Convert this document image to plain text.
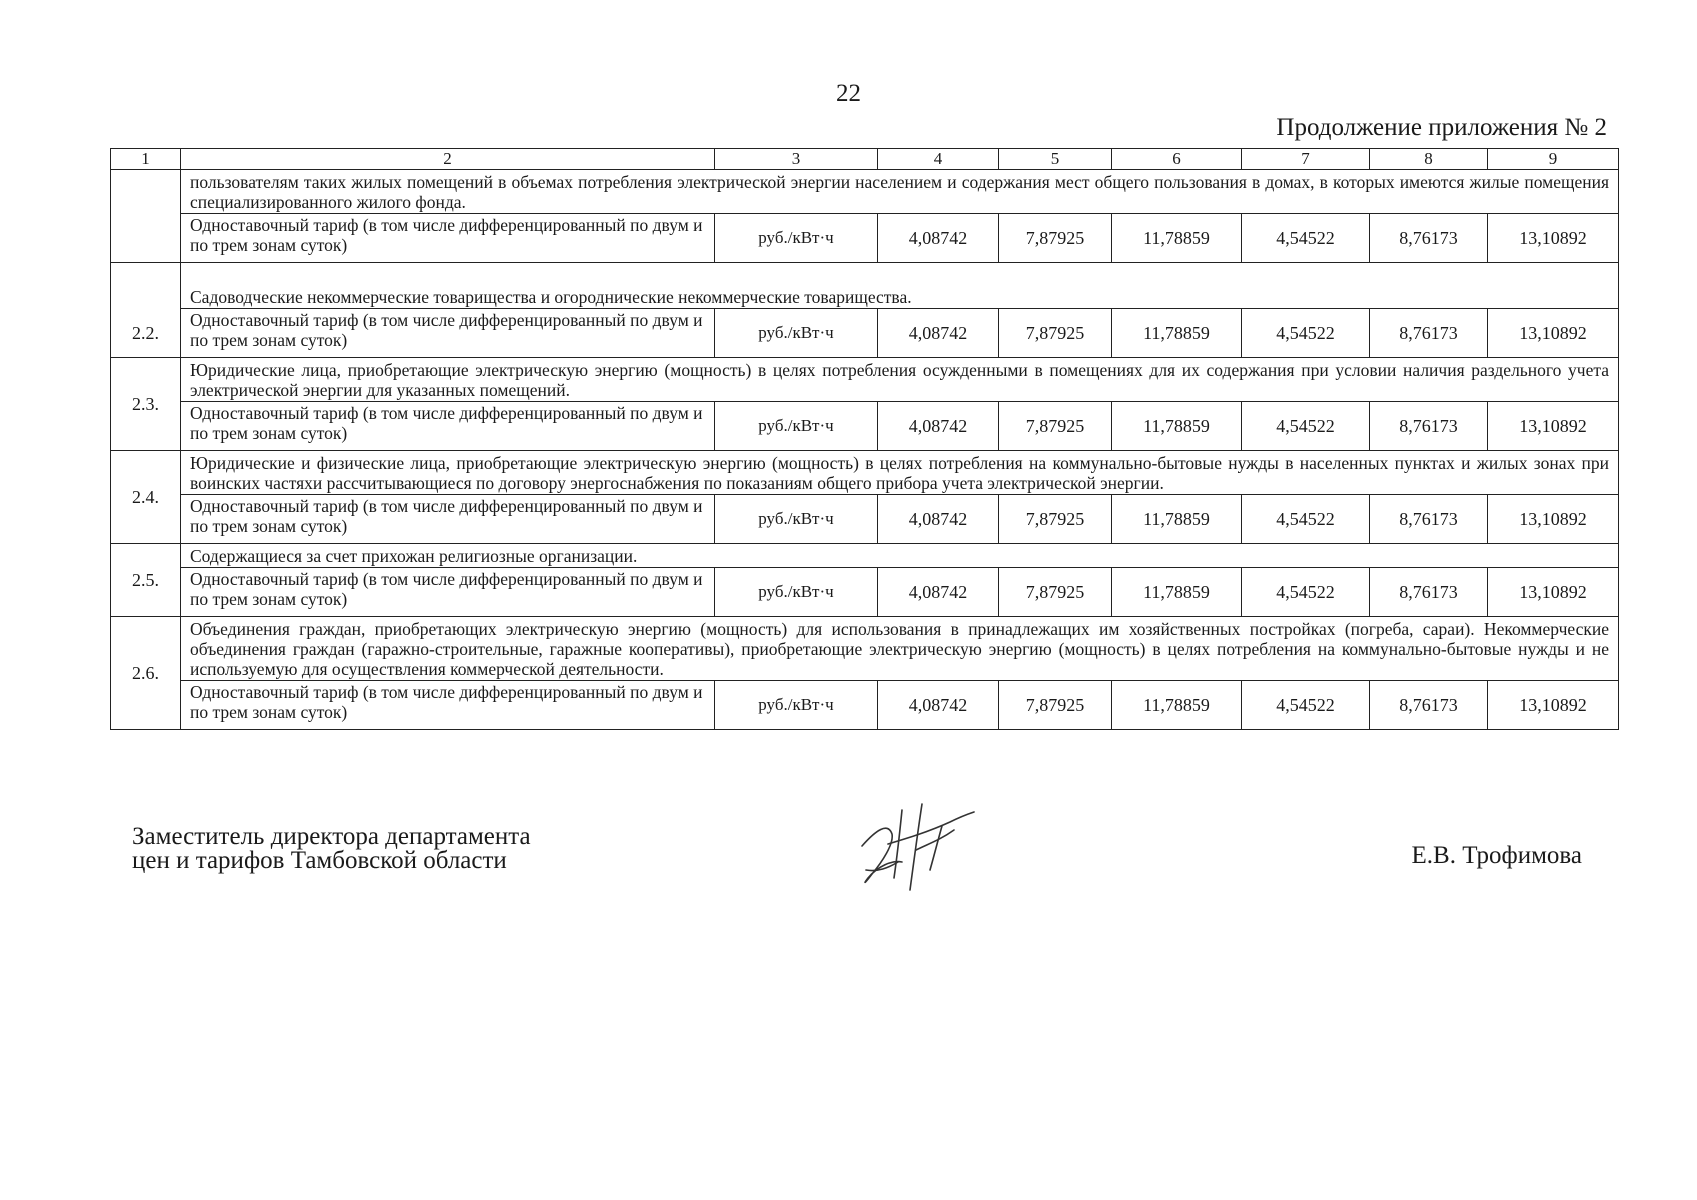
22
Продолжение приложения № 2
1	2	3	4	5	6	7	8	9
	пользователям таких жилых помещений в объемах потребления электрической энергии населением и содержания мест общего пользования в домах, в которых имеются жилые помещения специализированного жилого фонда.							
	Одноставочный тариф (в том числе дифференцированный по двум и по трем зонам суток)	руб./кВт·ч	4,08742	7,87925	11,78859	4,54522	8,76173	13,10892
2.2.	Садоводческие некоммерческие товарищества и огороднические некоммерческие товарищества.							
	Одноставочный тариф (в том числе дифференцированный по двум и по трем зонам суток)	руб./кВт·ч	4,08742	7,87925	11,78859	4,54522	8,76173	13,10892
2.3.	Юридические лица, приобретающие электрическую энергию (мощность) в целях потребления осужденными в помещениях для их содержания при условии наличия раздельного учета электрической энергии для указанных помещений.							
	Одноставочный тариф (в том числе дифференцированный по двум и по трем зонам суток)	руб./кВт·ч	4,08742	7,87925	11,78859	4,54522	8,76173	13,10892
2.4.	Юридические и физические лица, приобретающие электрическую энергию (мощность) в целях потребления на коммунально-бытовые нужды в населенных пунктах и жилых зонах при воинских частяхи рассчитывающиеся по договору энергоснабжения по показаниям общего прибора учета электрической энергии.							
	Одноставочный тариф (в том числе дифференцированный по двум и по трем зонам суток)	руб./кВт·ч	4,08742	7,87925	11,78859	4,54522	8,76173	13,10892
2.5.	Содержащиеся за счет прихожан религиозные организации.							
	Одноставочный тариф (в том числе дифференцированный по двум и по трем зонам суток)	руб./кВт·ч	4,08742	7,87925	11,78859	4,54522	8,76173	13,10892
2.6.	Объединения граждан, приобретающих электрическую энергию (мощность) для использования в принадлежащих им хозяйственных постройках (погреба, сараи). Некоммерческие объединения граждан (гаражно-строительные, гаражные кооперативы), приобретающие электрическую энергию (мощность) в целях потребления на коммунально-бытовые нужды и не используемую для осуществления коммерческой деятельности.							
	Одноставочный тариф (в том числе дифференцированный по двум и по трем зонам суток)	руб./кВт·ч	4,08742	7,87925	11,78859	4,54522	8,76173	13,10892
Заместитель директора департамента
цен и тарифов Тамбовской области	Е.В. Трофимова
